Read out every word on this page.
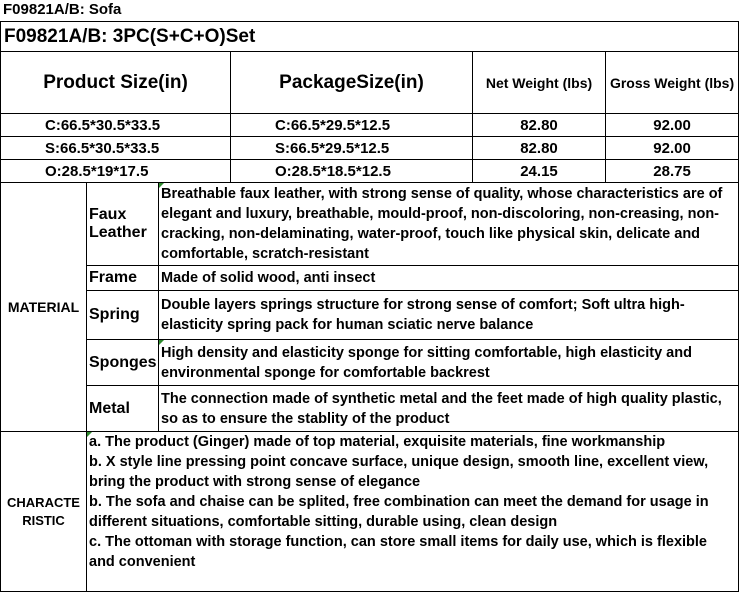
F09821A/B: Sofa
F09821A/B: 3PC(S+C+O)Set					
Product Size(in)			PackageSize(in)	Net Weight (lbs)	Gross Weight (lbs)
C:66.5*30.5*33.5			C:66.5*29.5*12.5	82.80	92.00
S:66.5*30.5*33.5			S:66.5*29.5*12.5	82.80	92.00
O:28.5*19*17.5			O:28.5*18.5*12.5	24.15	28.75
MATERIAL	Faux Leather	Breathable faux leather, with strong sense of quality, whose characteristics are of elegant and luxury, breathable, mould-proof, non-discoloring, non-creasing, non-cracking, non-delaminating, water-proof, touch like physical skin, delicate and comfortable, scratch-resistant			
	Frame	Made of solid wood, anti insect			
	Spring	Double layers springs structure for strong sense of comfort; Soft ultra high-elasticity spring pack for human sciatic nerve balance			
	Sponges	High density and elasticity sponge for sitting comfortable, high elasticity and environmental sponge for comfortable backrest			
	Metal	The connection made of synthetic metal and the feet made of high quality plastic, so as to ensure the stablity of the product			
CHARACTERISTIC	a. The product (Ginger) made of top material, exquisite materials, fine workmanship
b. X style line pressing point concave surface, unique design, smooth line, excellent view, bring the product with strong sense of elegance
b. The sofa and chaise can be splited, free combination can meet the demand for usage in different situations, comfortable sitting, durable using, clean design
c. The ottoman with storage function, can store small items for daily use, which is flexible and convenient				
